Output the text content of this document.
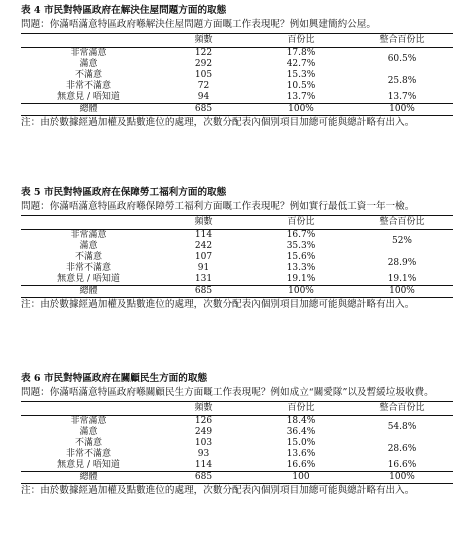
表 4 市民對特區政府在解決住屋問題方面的取態
問題：你滿唔滿意特區政府喺解決住屋問題方面嘅工作表現呢？例如興建簡約公屋。
	頻數	百份比	整合百份比
非常滿意	122	17.8%	60.5%
滿意	292	42.7%	
不滿意	105	15.3%	25.8%
非常不滿意	72	10.5%	
無意見 / 唔知道	94	13.7%	13.7%
總體	685	100%	100%
注：由於數據經過加權及點數進位的處理，次數分配表內個別項目加總可能與總計略有出入。
表 5 市民對特區政府在保障勞工福利方面的取態
問題：你滿唔滿意特區政府喺保障勞工福利方面嘅工作表現呢？例如實行最低工資一年一檢。
	頻數	百份比	整合百份比
非常滿意	114	16.7%	52%
滿意	242	35.3%	
不滿意	107	15.6%	28.9%
非常不滿意	91	13.3%	
無意見 / 唔知道	131	19.1%	19.1%
總體	685	100%	100%
注：由於數據經過加權及點數進位的處理，次數分配表內個別項目加總可能與總計略有出入。
表 6 市民對特區政府在關顧民生方面的取態
問題：你滿唔滿意特區政府喺關顧民生方面嘅工作表現呢？例如成立“關愛隊”以及暫緩垃圾收費。
	頻數	百份比	整合百份比
非常滿意	126	18.4%	54.8%
滿意	249	36.4%	
不滿意	103	15.0%	28.6%
非常不滿意	93	13.6%	
無意見 / 唔知道	114	16.6%	16.6%
總體	685	100	100%
注：由於數據經過加權及點數進位的處理，次數分配表內個別項目加總可能與總計略有出入。
